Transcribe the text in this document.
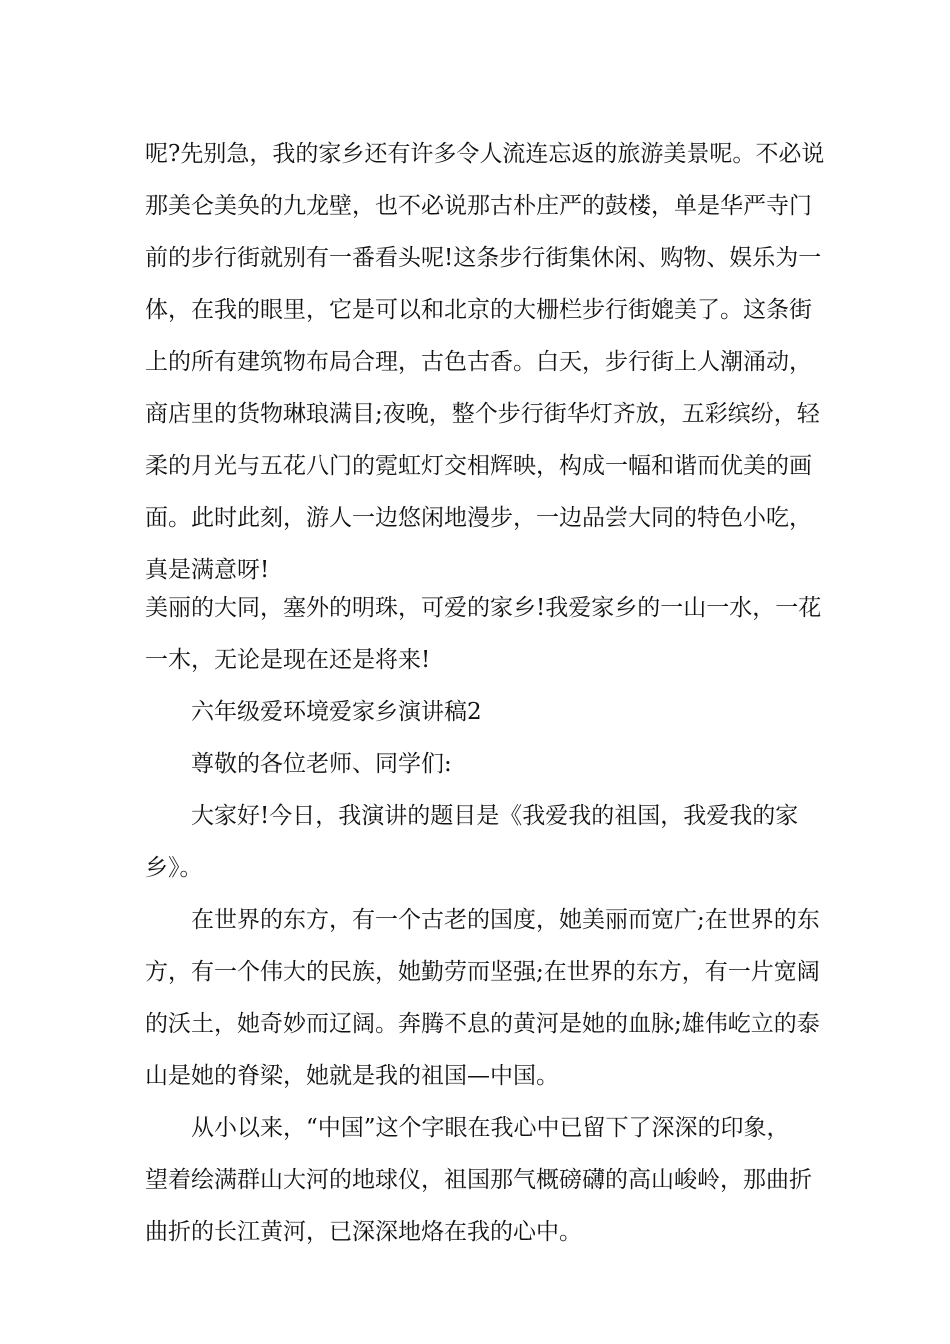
呢?先别急，我的家乡还有许多令人流连忘返的旅游美景呢。不必说

那美仑美奂的九龙壁，也不必说那古朴庄严的鼓楼，单是华严寺门

前的步行街就别有一番看头呢!这条步行街集休闲、购物、娱乐为一

体，在我的眼里，它是可以和北京的大栅栏步行街媲美了。这条街

上的所有建筑物布局合理，古色古香。白天，步行街上人潮涌动，

商店里的货物琳琅满目;夜晚，整个步行街华灯齐放，五彩缤纷，轻

柔的月光与五花八门的霓虹灯交相辉映，构成一幅和谐而优美的画

面。此时此刻，游人一边悠闲地漫步，一边品尝大同的特色小吃，

真是满意呀!

美丽的大同，塞外的明珠，可爱的家乡!我爱家乡的一山一水，一花

一木，无论是现在还是将来!

六年级爱环境爱家乡演讲稿2

尊敬的各位老师、同学们:

大家好!今日，我演讲的题目是《我爱我的祖国，我爱我的家

乡》。

在世界的东方，有一个古老的国度，她美丽而宽广;在世界的东

方，有一个伟大的民族，她勤劳而坚强;在世界的东方，有一片宽阔

的沃土，她奇妙而辽阔。奔腾不息的黄河是她的血脉;雄伟屹立的泰

山是她的脊梁，她就是我的祖国—中国。

从小以来，“中国”这个字眼在我心中已留下了深深的印象，

望着绘满群山大河的地球仪，祖国那气概磅礴的高山峻岭，那曲折

曲折的长江黄河，已深深地烙在我的心中。
